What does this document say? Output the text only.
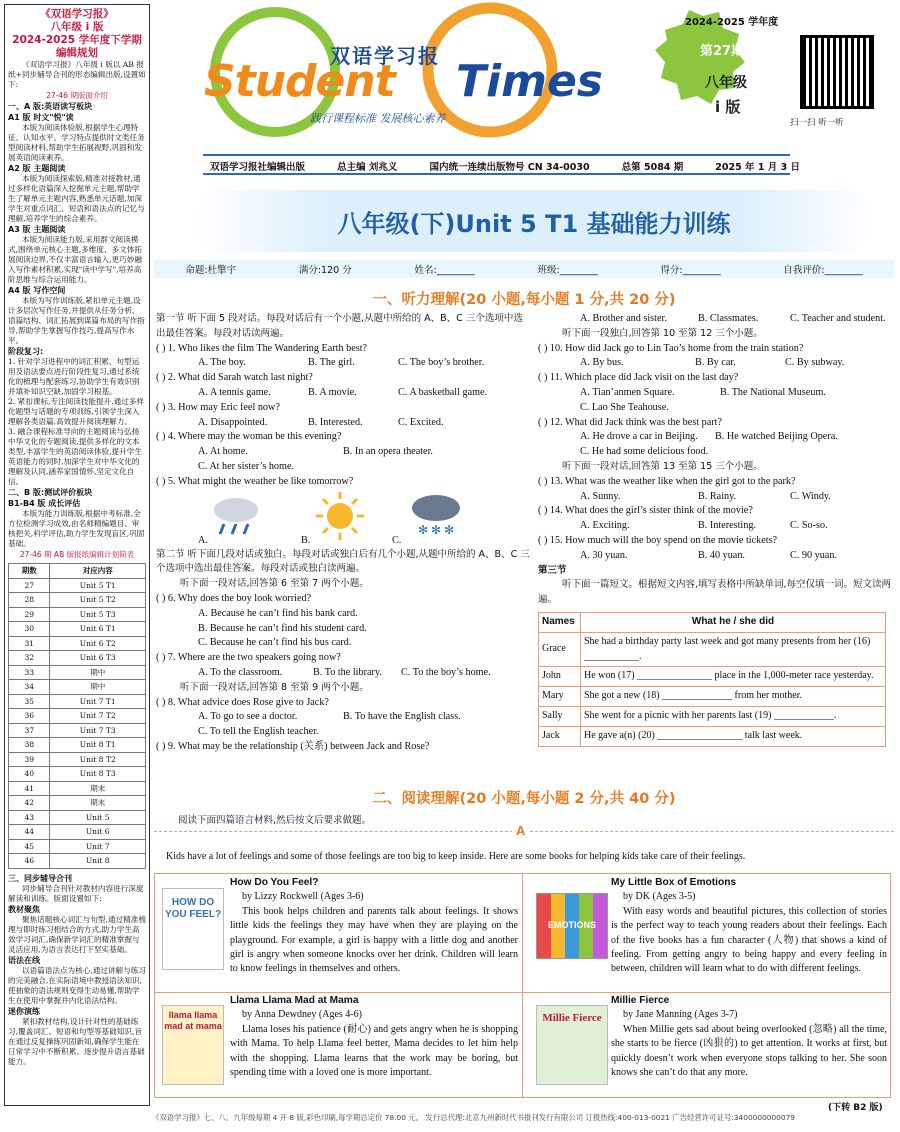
《双语学习报》
八年级 i 版
2024-2025 学年度下学期
编辑规划
《双语学习报》八年级 i 版以 AB 报纸+同步辅导合刊的形态编辑出版,设置如下:
27-46 期版面介绍
一、A 版:英语读写板块
A1 版 时文"悦"读
本版为阅读体验版,根据学生心理特征、认知水平、学习特点提供时文类任务型阅读材料,帮助学生拓展视野,巩固和发展英语阅读素养。
A2 版 主题阅读
本版为阅读探索版,精准对接教材,通过多样化语篇深入挖掘单元主题,帮助学生了解单元主题内容,熟悉单元话题,加深学生对重点词汇、短语和语法点的记忆与理解,培养学生的综合素养。
A3 版 主题阅读
本版为阅读能力版,采用群文阅读模式,围绕单元核心主题,多维度、多文体拓展阅读边界,不仅丰富语言输入,更巧妙融入写作素材积累,实现"读中学写",培养高阶思维与综合运用能力。
A4 版 写作空间
本版为写作训练版,紧扣单元主题,设计多层次写作任务,并提供从任务分析、语篇结构、词汇拓展到谋篇布局的写作指导,帮助学生掌握写作技巧,提高写作水平。
阶段复习:
1. 针对学习进程中的词汇积累、句型运用及语法要点进行阶段性复习,通过系统化的梳理与配套练习,协助学生有效识别并填补知识空缺,加固学习根基。
2. 紧扣课标,专注阅读技能提升,通过多样化题型与话题的专项训练,引领学生深入理解各类语篇,高效提升阅读理解力。
3. 融合课程标准导向的主题阅读与弘扬中华文化的专题阅读,提供多样化的文本类型,丰富学生的英语阅读体验,提升学生英语能力的同时,加深学生对中华文化的理解及认同,涵养家国情怀,坚定文化自信。
二、B 版:测试评价板块
B1-B4 版 成长评估
本版为能力训练版,根据中考标准,全方位检测学习成效,由名师精编题目、审核把关,科学评估,助力学生发现盲区,巩固基础。
27-46 期 AB 版报纸编辑计划简表
期数	对应内容
27	Unit 5 T1
28	Unit 5 T2
29	Unit 5 T3
30	Unit 6 T1
31	Unit 6 T2
32	Unit 6 T3
33	期中
34	期中
35	Unit 7 T1
36	Unit 7 T2
37	Unit 7 T3
38	Unit 8 T1
39	Unit 8 T2
40	Unit 8 T3
41	期末
42	期末
43	Unit 5
44	Unit 6
45	Unit 7
46	Unit 8
三、同步辅导合刊
同步辅导合刊针对教材内容进行深度解读和训练。版面设置如下:
教材聚焦
聚焦话题核心词汇与句型,通过精准梳理与即时练习相结合的方式,助力学生高效学习词汇,确保新学词汇的精准掌握与灵活应用,为语言表达打下坚实基础。
语法在线
以语篇语法点为核心,通过讲解与练习的完美融合,在实际语境中教授语法知识,使抽象的语法规则变得生动易懂,帮助学生在使用中掌握并内化语法结构。
迷你演练
紧扣教材结构,设计针对性的基础练习,覆盖词汇、短语和句型等基础知识,旨在通过反复操练巩固新知,确保学生能在日常学习中不断积累、逐步提升语言基础能力。
双语学习报
Student Times
践行课程标准 发展核心素养
2024-2025 学年度
第27期
八年级
i 版
扫一扫 听一听
双语学习报社编辑出版	总主编 刘兆义	国内统一连续出版物号 CN 34-0030	总第 5084 期	2025 年 1 月 3 日
八年级(下)Unit 5 T1 基础能力训练
命题:杜擎宇	满分:120 分	姓名:________	班级:________	得分:________	自我评价:________
一、听力理解(20 小题,每小题 1 分,共 20 分)
第一节 听下面 5 段对话。每段对话后有一个小题,从题中所给的 A、B、C 三个选项中选出最佳答案。每段对话读两遍。
( ) 1. Who likes the film The Wandering Earth best?
A. The boy.	B. The girl.	C. The boy’s brother.
( ) 2. What did Sarah watch last night?
A. A tennis game.	B. A movie.	C. A basketball game.
( ) 3. How may Eric feel now?
A. Disappointed.	B. Interested.	C. Excited.
( ) 4. Where may the woman be this evening?
A. At home.	B. In an opera theater.
C. At her sister’s home.
( ) 5. What might the weather be like tomorrow?
✻ ✻ ✻
A.	B.	C.
第二节 听下面几段对话或独白。每段对话或独白后有几个小题,从题中所给的 A、B、C 三个选项中选出最佳答案。每段对话或独白读两遍。
听下面一段对话,回答第 6 至第 7 两个小题。
( ) 6. Why does the boy look worried?
A. Because he can’t find his bank card.
B. Because he can’t find his student card.
C. Because he can’t find his bus card.
( ) 7. Where are the two speakers going now?
A. To the classroom.	B. To the library.	C. To the boy’s home.
听下面一段对话,回答第 8 至第 9 两个小题。
( ) 8. What advice does Rose give to Jack?
A. To go to see a doctor.	B. To have the English class.
C. To tell the English teacher.
( ) 9. What may be the relationship (关系) between Jack and Rose?
A. Brother and sister.	B. Classmates.	C. Teacher and student.
听下面一段独白,回答第 10 至第 12 三个小题。
( ) 10. How did Jack go to Lin Tao’s home from the train station?
A. By bus.	B. By car.	C. By subway.
( ) 11. Which place did Jack visit on the last day?
A. Tian’anmen Square.	B. The National Museum.
C. Lao She Teahouse.
( ) 12. What did Jack think was the best part?
A. He drove a car in Beijing.	B. He watched Beijing Opera.
C. He had some delicious food.
听下面一段对话,回答第 13 至第 15 三个小题。
( ) 13. What was the weather like when the girl got to the park?
A. Sunny.	B. Rainy.	C. Windy.
( ) 14. What does the girl’s sister think of the movie?
A. Exciting.	B. Interesting.	C. So-so.
( ) 15. How much will the boy spend on the movie tickets?
A. 30 yuan.	B. 40 yuan.	C. 90 yuan.
第三节
听下面一篇短文。根据短文内容,填写表格中所缺单词,每空仅填一词。短文读两遍。
Names	What he / she did
Grace	She had a birthday party last week and got many presents from her (16) ___________.
John	He won (17) _______________ place in the 1,000-meter race yesterday.
Mary	She got a new (18) ______________ from her mother.
Sally	She went for a picnic with her parents last (19) ____________.
Jack	He gave a(n) (20) _________________ talk last week.
二、阅读理解(20 小题,每小题 2 分,共 40 分)
阅读下面四篇语言材料,然后按文后要求做题。
A
Kids have a lot of feelings and some of those feelings are too big to keep inside. Here are some books for helping kids take care of their feelings.
HOW DO YOU FEEL?
How Do You Feel?
by Lizzy Rockwell (Ages 3-6)
This book helps children and parents talk about feelings. It shows little kids the feelings they may have when they are playing on the playground. For example, a girl is happy with a little dog and another girl is angry when someone knocks over her drink. Children will learn to know feelings in themselves and others.
EMOTIONS
My Little Box of Emotions
by DK (Ages 3-5)
With easy words and beautiful pictures, this collection of stories is the perfect way to teach young readers about their feelings. Each of the five books has a fun character (人物) that shows a kind of feeling. From getting angry to being happy and every feeling in between, children will learn what to do with different feelings.
llama llama mad at mama
Llama Llama Mad at Mama
by Anna Dewdney (Ages 4-6)
Llama loses his patience (耐心) and gets angry when he is shopping with Mama. To help Llama feel better, Mama decides to let him help with the shopping. Llama learns that the work may be boring, but spending time with a loved one is more important.
Millie Fierce
Millie Fierce
by Jane Manning (Ages 3-7)
When Millie gets sad about being overlooked (忽略) all the time, she starts to be fierce (凶狠的) to get attention. It works at first, but quickly doesn’t work when everyone stops talking to her. She soon knows she can’t do that any more.
(下转 B2 版)
《双语学习报》七、八、九年级每期 4 开 8 版,彩色印刷,每学期总定价 78.00 元。 发行总代理:北京九州新时代书报刊发行有限公司 订报热线:400-013-0021 广告经营许可证号:3400000000079
